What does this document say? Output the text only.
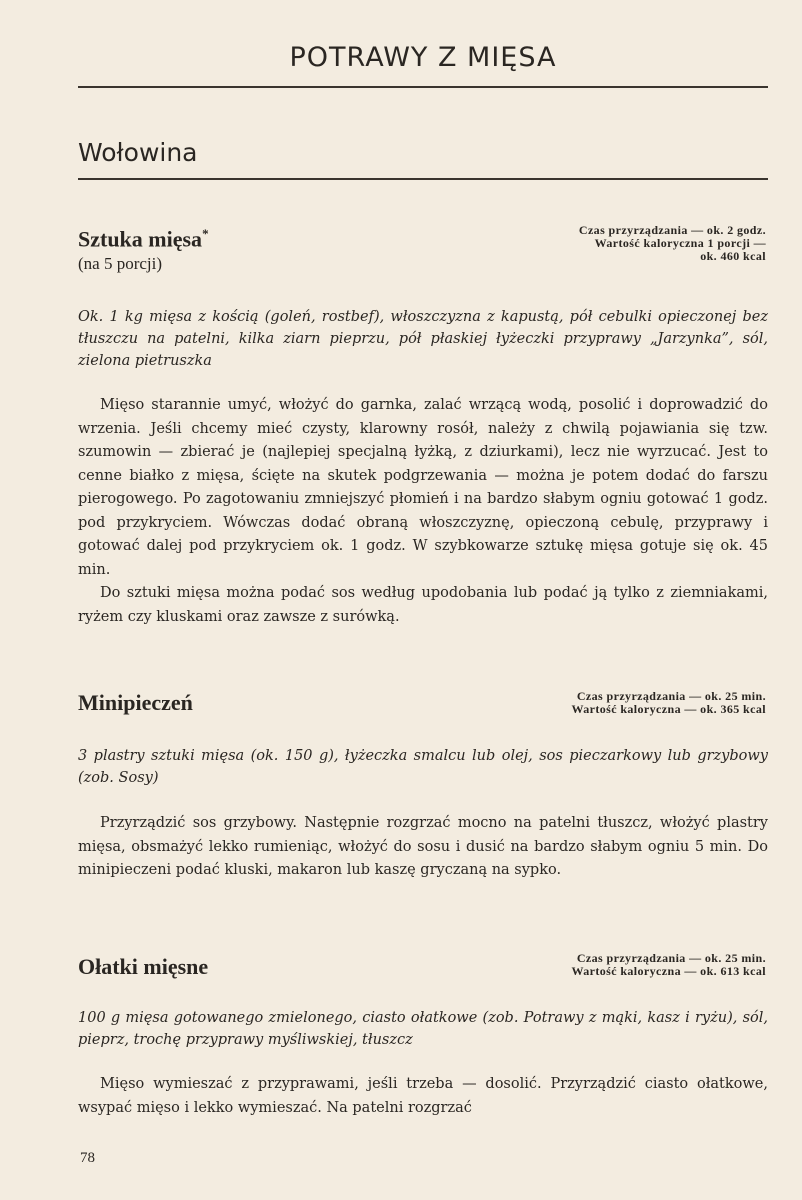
POTRAWY Z MIĘSA
Wołowina
Sztuka mięsa*
(na 5 porcji)
Czas przyrządzania — ok. 2 godz.
Wartość kaloryczna 1 porcji —
ok. 460 kcal
Ok. 1 kg mięsa z kością (goleń, rostbef), włoszczyzna z kapustą, pół cebulki opieczonej bez tłuszczu na patelni, kilka ziarn pieprzu, pół płaskiej łyżeczki przyprawy „Jarzynka”, sól, zielona pietruszka

Mięso starannie umyć, włożyć do garnka, zalać wrzącą wodą, posolić i doprowadzić do wrzenia. Jeśli chcemy mieć czysty, klarowny rosół, należy z chwilą pojawiania się tzw. szumowin — zbierać je (najlepiej specjalną łyżką, z dziurkami), lecz nie wyrzucać. Jest to cenne białko z mięsa, ścięte na skutek podgrzewania — można je potem dodać do farszu pierogowego. Po zagotowaniu zmniejszyć płomień i na bardzo słabym ogniu gotować 1 godz. pod przykryciem. Wówczas dodać obraną włoszczyznę, opieczoną cebulę, przyprawy i gotować dalej pod przykryciem ok. 1 godz. W szybkowarze sztukę mięsa gotuje się ok. 45 min.

Do sztuki mięsa można podać sos według upodobania lub podać ją tylko z ziemniakami, ryżem czy kluskami oraz zawsze z surówką.

Minipieczeń	Czas przyrządzania — ok. 25 min.
Wartość kaloryczna — ok. 365 kcal
3 plastry sztuki mięsa (ok. 150 g), łyżeczka smalcu lub olej, sos pieczarkowy lub grzybowy (zob. Sosy)

Przyrządzić sos grzybowy. Następnie rozgrzać mocno na patelni tłuszcz, włożyć plastry mięsa, obsmażyć lekko rumieniąc, włożyć do sosu i dusić na bardzo słabym ogniu 5 min. Do minipieczeni podać kluski, makaron lub kaszę gryczaną na sypko.

Ołatki mięsne	Czas przyrządzania — ok. 25 min.
Wartość kaloryczna — ok. 613 kcal
100 g mięsa gotowanego zmielonego, ciasto ołatkowe (zob. Potrawy z mąki, kasz i ryżu), sól, pieprz, trochę przyprawy myśliwskiej, tłuszcz

Mięso wymieszać z przyprawami, jeśli trzeba — dosolić. Przyrządzić ciasto ołatkowe, wsypać mięso i lekko wymieszać. Na patelni rozgrzać

78
